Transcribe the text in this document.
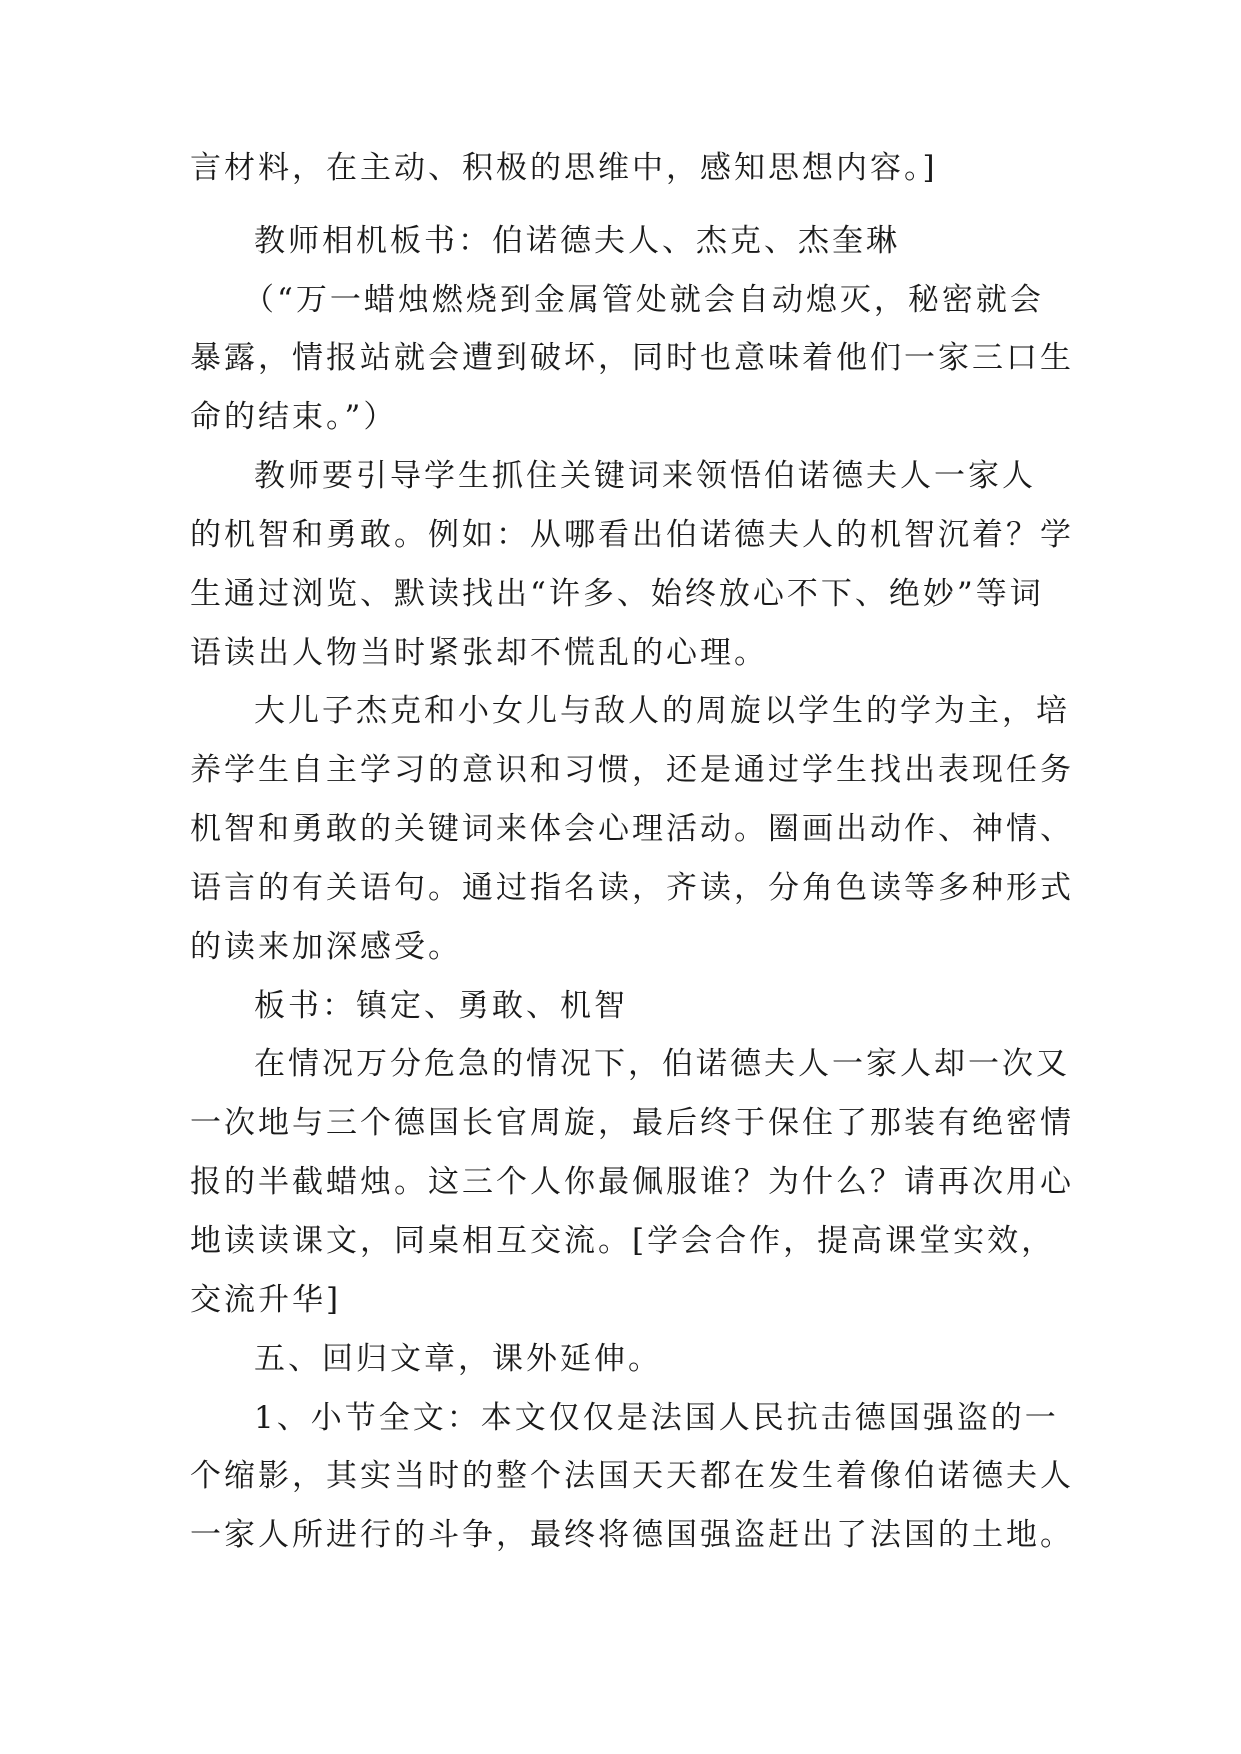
言材料，在主动、积极的思维中，感知思想内容。]
教师相机板书：伯诺德夫人、杰克、杰奎琳
（“万一蜡烛燃烧到金属管处就会自动熄灭，秘密就会
暴露，情报站就会遭到破坏，同时也意味着他们一家三口生
命的结束。”）
教师要引导学生抓住关键词来领悟伯诺德夫人一家人
的机智和勇敢。例如：从哪看出伯诺德夫人的机智沉着？学
生通过浏览、默读找出“许多、始终放心不下、绝妙”等词
语读出人物当时紧张却不慌乱的心理。
大儿子杰克和小女儿与敌人的周旋以学生的学为主，培
养学生自主学习的意识和习惯，还是通过学生找出表现任务
机智和勇敢的关键词来体会心理活动。圈画出动作、神情、
语言的有关语句。通过指名读，齐读，分角色读等多种形式
的读来加深感受。
板书：镇定、勇敢、机智
在情况万分危急的情况下，伯诺德夫人一家人却一次又
一次地与三个德国长官周旋，最后终于保住了那装有绝密情
报的半截蜡烛。这三个人你最佩服谁？为什么？请再次用心
地读读课文，同桌相互交流。[学会合作，提高课堂实效，
交流升华]
五、回归文章，课外延伸。
1、小节全文：本文仅仅是法国人民抗击德国强盗的一
个缩影，其实当时的整个法国天天都在发生着像伯诺德夫人
一家人所进行的斗争，最终将德国强盗赶出了法国的土地。
